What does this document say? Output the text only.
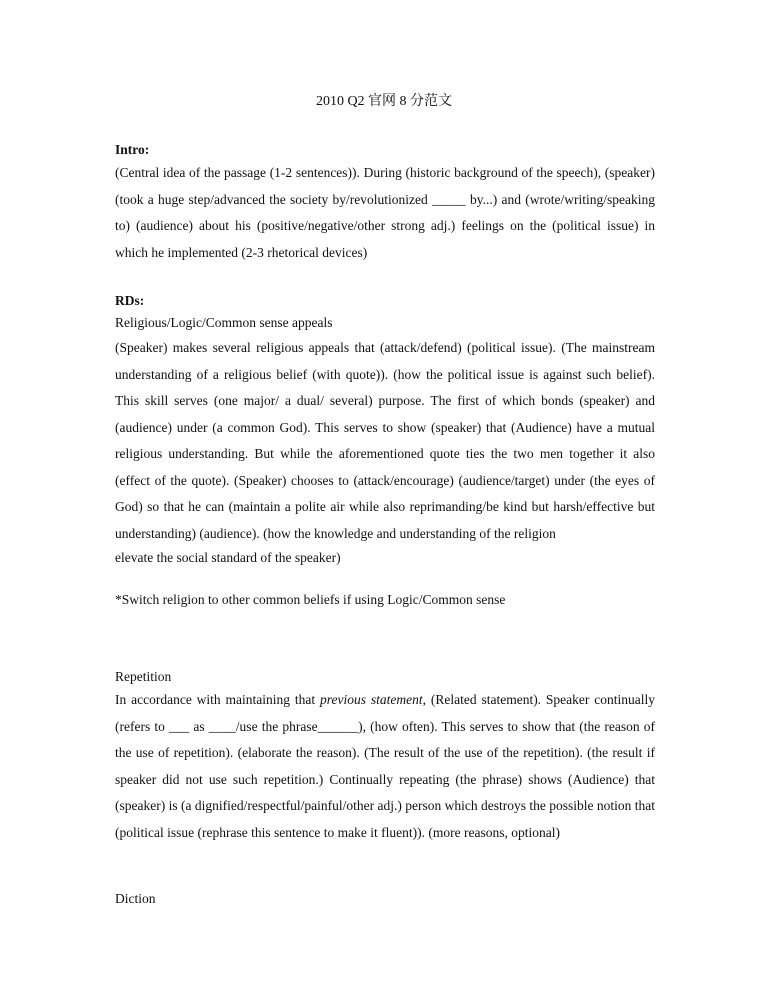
2010 Q2 官网 8 分范文
Intro:
(Central idea of the passage (1-2 sentences)). During (historic background of the speech), (speaker) (took a huge step/advanced the society by/revolutionized _____ by...) and (wrote/writing/speaking to) (audience) about his (positive/negative/other strong adj.) feelings on the (political issue) in which he implemented (2-3 rhetorical devices)
RDs:
Religious/Logic/Common sense appeals
(Speaker) makes several religious appeals that (attack/defend) (political issue). (The mainstream understanding of a religious belief (with quote)). (how the political issue is against such belief). This skill serves (one major/ a dual/ several) purpose. The first of which bonds (speaker) and (audience) under (a common God). This serves to show (speaker) that (Audience) have a mutual religious understanding. But while the aforementioned quote ties the two men together it also (effect of the quote). (Speaker) chooses to (attack/encourage) (audience/target) under (the eyes of God) so that he can (maintain a polite air while also reprimanding/be kind but harsh/effective but understanding) (audience). (how the knowledge and understanding of the religion
elevate the social standard of the speaker)
*Switch religion to other common beliefs if using Logic/Common sense
Repetition
In accordance with maintaining that previous statement, (Related statement). Speaker continually (refers to ___ as ____/use the phrase______), (how often). This serves to show that (the reason of the use of repetition). (elaborate the reason). (The result of the use of the repetition). (the result if speaker did not use such repetition.) Continually repeating (the phrase) shows (Audience) that (speaker) is (a dignified/respectful/painful/other adj.) person which destroys the possible notion that (political issue (rephrase this sentence to make it fluent)). (more reasons, optional)
Diction
